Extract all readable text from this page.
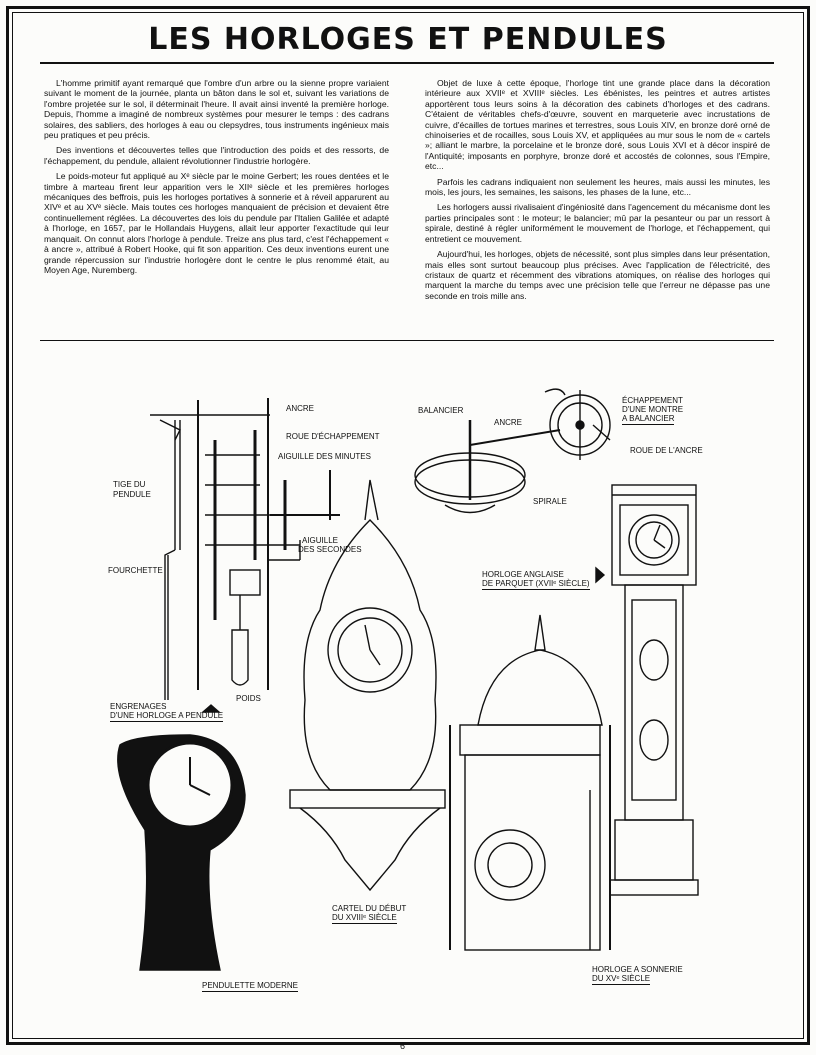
LES HORLOGES ET PENDULES

L'homme primitif ayant remarqué que l'ombre d'un arbre ou la sienne propre variaient suivant le moment de la journée, planta un bâton dans le sol et, suivant les variations de l'ombre projetée sur le sol, il déterminait l'heure. Il avait ainsi inventé la première horloge. Depuis, l'homme a imaginé de nombreux systèmes pour mesurer le temps : des cadrans solaires, des sabliers, des horloges à eau ou clepsydres, tous instruments ingénieux mais peu pratiques et peu précis.

Des inventions et découvertes telles que l'introduction des poids et des ressorts, de l'échappement, du pendule, allaient révolutionner l'industrie horlogère.

Le poids-moteur fut appliqué au Xᵉ siècle par le moine Gerbert; les roues dentées et le timbre à marteau firent leur apparition vers le XIIᵉ siècle et les premières horloges mécaniques des beffrois, puis les horloges portatives à sonnerie et à réveil apparurent au XIVᵉ et au XVᵉ siècle. Mais toutes ces horloges manquaient de précision et devaient être continuellement réglées. La découvertes des lois du pendule par l'Italien Galilée et adapté à l'horloge, en 1657, par le Hollandais Huygens, allait leur apporter l'exactitude qui leur manquait. On connut alors l'horloge à pendule. Treize ans plus tard, c'est l'échappement « à ancre », attribué à Robert Hooke, qui fit son apparition. Ces deux inventions eurent une grande répercussion sur l'industrie horlogère dont le centre le plus renommé était, au Moyen Age, Nuremberg.

Objet de luxe à cette époque, l'horloge tint une grande place dans la décoration intérieure aux XVIIᵉ et XVIIIᵉ siècles. Les ébénistes, les peintres et autres artistes apportèrent tous leurs soins à la décoration des cabinets d'horloges et des cadrans. C'étaient de véritables chefs-d'œuvre, souvent en marqueterie avec incrustations de cuivre, d'écailles de tortues marines et terrestres, sous Louis XIV, en bronze doré orné de chinoiseries et de rocailles, sous Louis XV, et appliquées au mur sous le nom de « cartels »; alliant le marbre, la porcelaine et le bronze doré, sous Louis XVI et à décor inspiré de l'Antiquité; imposants en porphyre, bronze doré et accostés de colonnes, sous l'Empire, etc...

Parfois les cadrans indiquaient non seulement les heures, mais aussi les minutes, les mois, les jours, les semaines, les saisons, les phases de la lune, etc...

Les horlogers aussi rivalisaient d'ingéniosité dans l'agencement du mécanisme dont les parties principales sont : le moteur; le balancier; mû par la pesanteur ou par un ressort à spirale, destiné à régler uniformément le mouvement de l'horloge, et l'échappement, qui entretient ce mouvement.

Aujourd'hui, les horloges, objets de nécessité, sont plus simples dans leur présentation, mais elles sont surtout beaucoup plus précises. Avec l'application de l'électricité, des cristaux de quartz et récemment des vibrations atomiques, on réalise des horloges qui marquent la marche du temps avec une précision telle que l'erreur ne dépasse pas une seconde en trois mille ans.

ANCRE
ROUE D'ÉCHAPPEMENT
AIGUILLE DES MINUTES
TIGE DU
PENDULE
FOURCHETTE
AIGUILLE
DES SECONDES
POIDS
ENGRENAGES
D'UNE HORLOGE A PENDULE
BALANCIER
ANCRE
ÉCHAPPEMENT
D'UNE MONTRE
A BALANCIER
ROUE DE L'ANCRE
SPIRALE
HORLOGE ANGLAISE
DE PARQUET (XVIIᵉ SIÈCLE)
CARTEL DU DÉBUT
DU XVIIIᵉ SIÈCLE
PENDULETTE MODERNE
HORLOGE A SONNERIE
DU XVᵉ SIÈCLE
6
